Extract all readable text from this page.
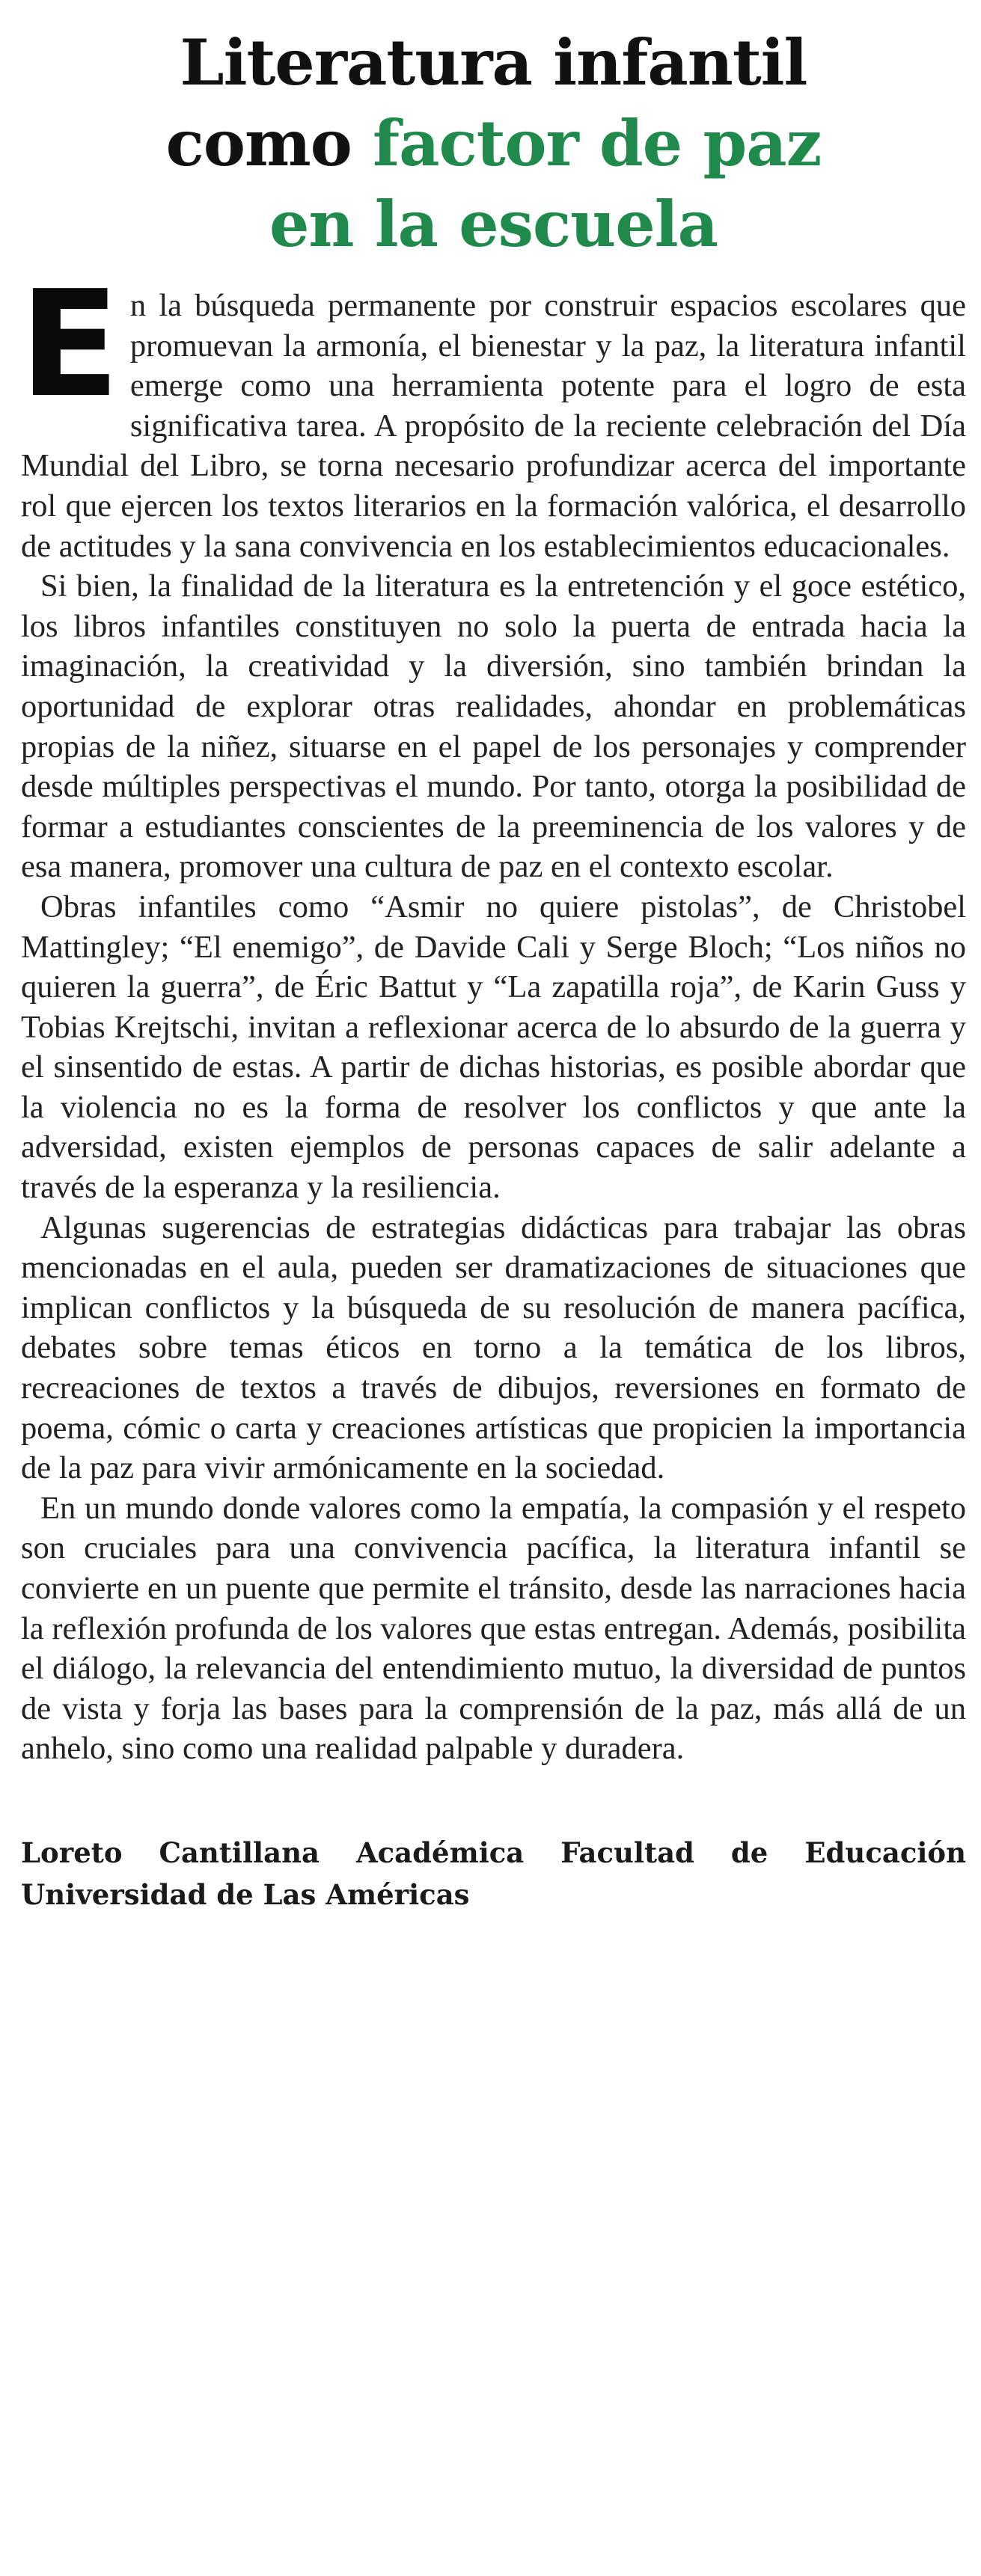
Literatura infantil
como factor de paz
en la escuela

En la búsqueda permanente por construir espacios escolares que promuevan la armonía, el bienestar y la paz, la literatura infantil emerge como una herramienta potente para el logro de esta significativa tarea. A propósito de la reciente celebración del Día Mundial del Libro, se torna necesario profundizar acerca del importante rol que ejercen los textos literarios en la formación valórica, el desarrollo de actitudes y la sana convivencia en los establecimientos educacionales.

Si bien, la finalidad de la literatura es la entretención y el goce estético, los libros infantiles constituyen no solo la puerta de entrada hacia la imaginación, la creatividad y la diversión, sino también brindan la oportunidad de explorar otras realidades, ahondar en problemáticas propias de la niñez, situarse en el papel de los personajes y comprender desde múltiples perspectivas el mundo. Por tanto, otorga la posibilidad de formar a estudiantes conscientes de la preeminencia de los valores y de esa manera, promover una cultura de paz en el contexto escolar.

Obras infantiles como “Asmir no quiere pistolas”, de Christobel Mattingley; “El enemigo”, de Davide Cali y Serge Bloch; “Los niños no quieren la guerra”, de Éric Battut y “La zapatilla roja”, de Karin Guss y Tobias Krejtschi, invitan a reflexionar acerca de lo absurdo de la guerra y el sinsentido de estas. A partir de dichas historias, es posible abordar que la violencia no es la forma de resolver los conflictos y que ante la adversidad, existen ejemplos de personas capaces de salir adelante a través de la esperanza y la resiliencia.

Algunas sugerencias de estrategias didácticas para trabajar las obras mencionadas en el aula, pueden ser dramatizaciones de situaciones que implican conflictos y la búsqueda de su resolución de manera pacífica, debates sobre temas éticos en torno a la temática de los libros, recreaciones de textos a través de dibujos, reversiones en formato de poema, cómic o carta y creaciones artísticas que propicien la importancia de la paz para vivir armónicamente en la sociedad.

En un mundo donde valores como la empatía, la compasión y el respeto son cruciales para una convivencia pacífica, la literatura infantil se convierte en un puente que permite el tránsito, desde las narraciones hacia la reflexión profunda de los valores que estas entregan. Además, posibilita el diálogo, la relevancia del entendimiento mutuo, la diversidad de puntos de vista y forja las bases para la comprensión de la paz, más allá de un anhelo, sino como una realidad palpable y duradera.

Loreto Cantillana Académica Facultad de Educación Universidad de Las Américas
